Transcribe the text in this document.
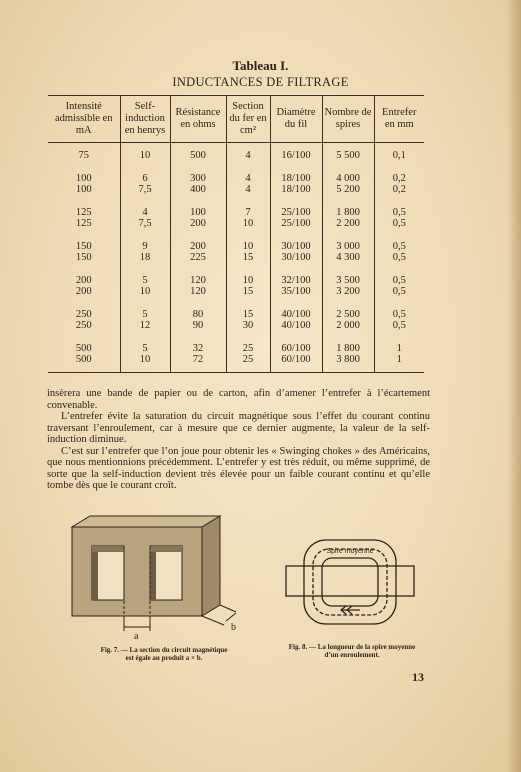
Tableau I.
INDUCTANCES DE FILTRAGE
Intensité admissible en mA	Self-induction en henrys	Résistance en ohms	Section du fer en cm²	Diamètre du fil	Nombre de spires	Entrefer en mm
75	10	500	4	16/100	5 500	0,1
100	6	300	4	18/100	4 000	0,2
100	7,5	400	4	18/100	5 200	0,2
125	4	100	7	25/100	1 800	0,5
125	7,5	200	10	25/100	2 200	0,5
150	9	200	10	30/100	3 000	0,5
150	18	225	15	30/100	4 300	0,5
200	5	120	10	32/100	3 500	0,5
200	10	120	15	35/100	3 200	0,5
250	5	80	15	40/100	2 500	0,5
250	12	90	30	40/100	2 000	0,5
500	5	32	25	60/100	1 800	1
500	10	72	25	60/100	3 800	1

insèrera une bande de papier ou de carton, afin d’amener l’entrefer à l’écartement convenable.

L’entrefer évite la saturation du circuit magnétique sous l’effet du courant continu traversant l’enroulement, car à mesure que ce dernier augmente, la valeur de la self-induction diminue.

C’est sur l’entrefer que l’on joue pour obtenir les « Swinging chokes » des Américains, que nous mentionnions précédemment. L’entrefer y est très réduit, ou même supprimé, de sorte que la self-induction devient très élevée pour un faible courant continu et qu’elle tombe dès que le courant croît.

a
b
Fig. 7. — La section du circuit magnétique
est égale au produit a × b.
Spire moyenne
Fig. 8. — La longueur de la spire moyenne
d’un enroulement.
13
